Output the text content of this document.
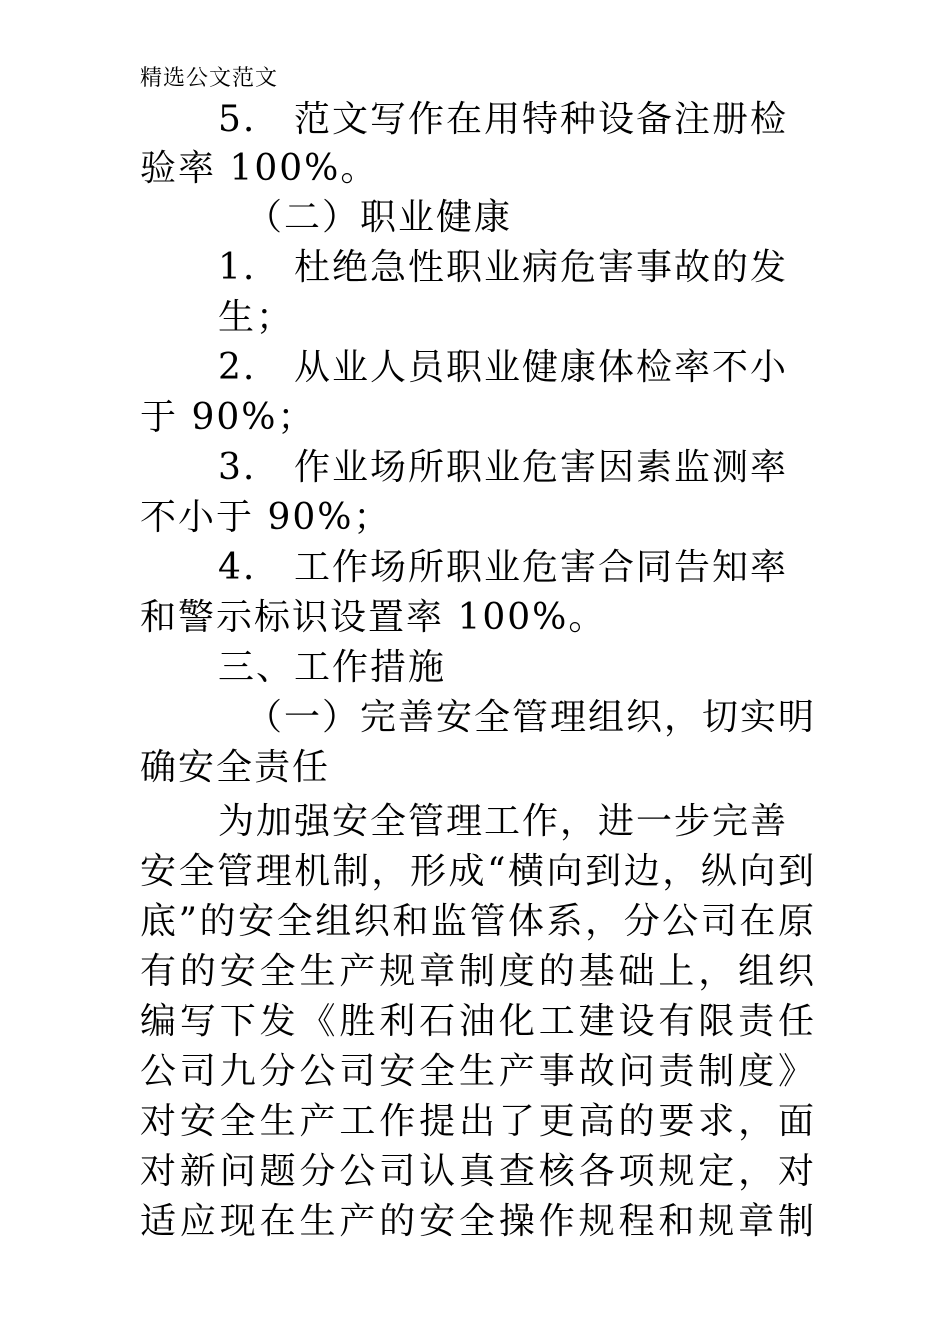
精选公文范文
5. 范文写作在用特种设备注册检
验率 100%。
（二）职业健康
1. 杜绝急性职业病危害事故的发
生；
2. 从业人员职业健康体检率不小
于 90%；
3. 作业场所职业危害因素监测率
不小于 90%；
4. 工作场所职业危害合同告知率
和警示标识设置率 100%。
三、工作措施
（一）完善安全管理组织，切实明
确安全责任
为加强安全管理工作，进一步完善
安全管理机制，形成“横向到边，纵向到
底”的安全组织和监管体系，分公司在原
有的安全生产规章制度的基础上，组织
编写下发《胜利石油化工建设有限责任
公司九分公司安全生产事故问责制度》
对安全生产工作提出了更高的要求，面
对新问题分公司认真查核各项规定，对
适应现在生产的安全操作规程和规章制
